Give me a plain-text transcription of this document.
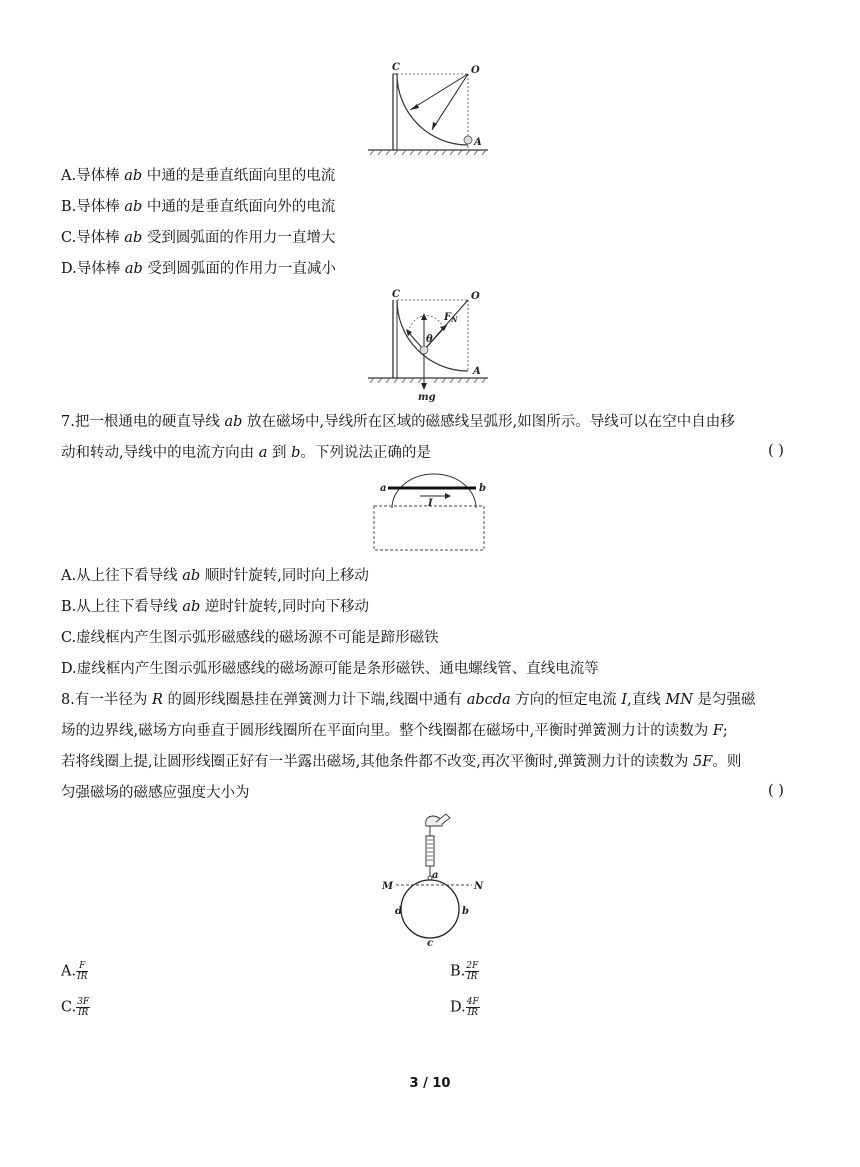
C	O
A
A.导体棒 ab 中通的是垂直纸面向里的电流
B.导体棒 ab 中通的是垂直纸面向外的电流
C.导体棒 ab 受到圆弧面的作用力一直增大
D.导体棒 ab 受到圆弧面的作用力一直减小
C	O
A
$F_N$
θ
mg
7.把一根通电的硬直导线 ab 放在磁场中,导线所在区域的磁感线呈弧形,如图所示。导线可以在空中自由移
动和转动,导线中的电流方向由 a 到 b。下列说法正确的是	( )
a	b
I
A.从上往下看导线 ab 顺时针旋转,同时向上移动
B.从上往下看导线 ab 逆时针旋转,同时向下移动
C.虚线框内产生图示弧形磁感线的磁场源不可能是蹄形磁铁
D.虚线框内产生图示弧形磁感线的磁场源可能是条形磁铁、通电螺线管、直线电流等
8.有一半径为 R 的圆形线圈悬挂在弹簧测力计下端,线圈中通有 abcda 方向的恒定电流 I,直线 MN 是匀强磁
场的边界线,磁场方向垂直于圆形线圈所在平面向里。整个线圈都在磁场中,平衡时弹簧测力计的读数为 F;
若将线圈上提,让圆形线圈正好有一半露出磁场,其他条件都不改变,再次平衡时,弹簧测力计的读数为 5F。则
匀强磁场的磁感应强度大小为	( )
M	N
a
d	b
c
A. $\frac{F}{IR}$	B. $\frac{2F}{IR}$
C. $\frac{3F}{IR}$	D. $\frac{4F}{IR}$
3 / 10
